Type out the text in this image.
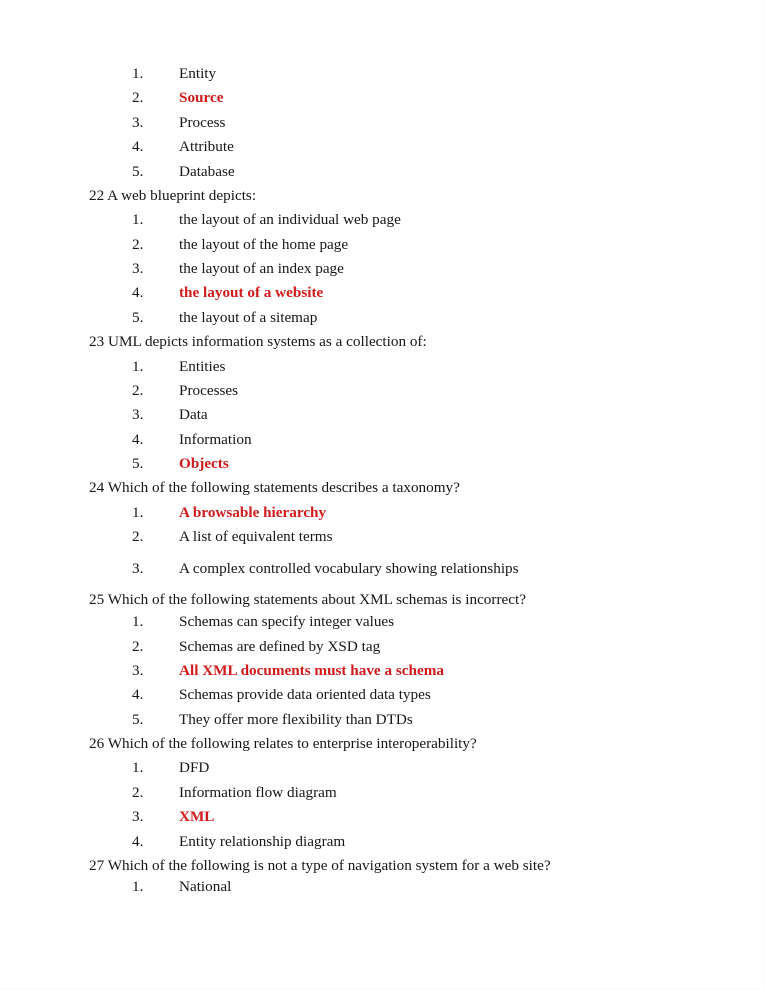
1. Entity
2. Source
3. Process
4. Attribute
5. Database
22 A web blueprint depicts:
1. the layout of an individual web page
2. the layout of the home page
3. the layout of an index page
4. the layout of a website
5. the layout of a sitemap
23 UML depicts information systems as a collection of:
1. Entities
2. Processes
3. Data
4. Information
5. Objects
24 Which of the following statements describes a taxonomy?
1. A browsable hierarchy
2. A list of equivalent terms
3. A complex controlled vocabulary showing relationships
25 Which of the following statements about XML schemas is incorrect?
1. Schemas can specify integer values
2. Schemas are defined by XSD tag
3. All XML documents must have a schema
4. Schemas provide data oriented data types
5. They offer more flexibility than DTDs
26 Which of the following relates to enterprise interoperability?
1. DFD
2. Information flow diagram
3. XML
4. Entity relationship diagram
27 Which of the following is not a type of navigation system for a web site?
1. National
